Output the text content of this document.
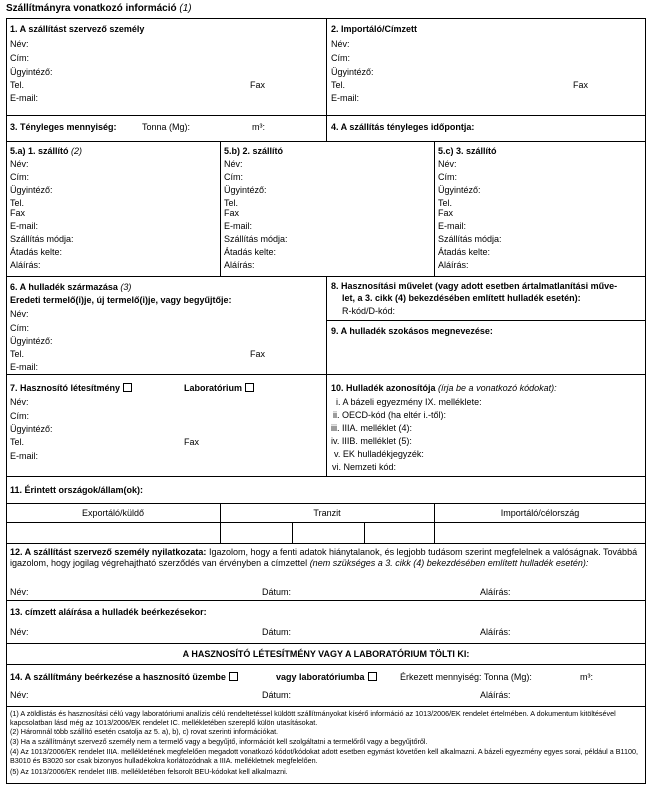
Szállítmányra vonatkozó információ (1)
1. A szállítást szervező személy
Név:
Cím:
Ügyintéző:
Tel.	Fax
E-mail:
2. Importáló/Címzett
Név:
Cím:
Ügyintéző:
Tel.	Fax
E-mail:
3. Tényleges mennyiség:	Tonna (Mg):	m³:	4. A szállítás tényleges időpontja:
5.a) 1. szállító (2)
Név:
Cím:
Ügyintéző:
Tel.
Fax
E-mail:
Szállítás módja:
Átadás kelte:
Aláírás:
5.b) 2. szállító
Név:
Cím:
Ügyintéző:
Tel.
Fax
E-mail:
Szállítás módja:
Átadás kelte:
Aláírás:
5.c) 3. szállító
Név:
Cím:
Ügyintéző:
Tel.
Fax
E-mail:
Szállítás módja:
Átadás kelte:
Aláírás:
6. A hulladék származása (3)
Eredeti termelő(i)je, új termelő(i)je, vagy begyűjtője:
Név:
Cím:
Ügyintéző:
Tel.	Fax
E-mail:
8. Hasznosítási művelet (vagy adott esetben ártalmatlanítási műve-
let, a 3. cikk (4) bekezdésében említett hulladék esetén):
R-kód/D-kód:
9. A hulladék szokásos megnevezése:
7. Hasznosító létesítmény	Laboratórium
Név:
Cím:
Ügyintéző:
Tel.	Fax
E-mail:
10. Hulladék azonosítója (írja be a vonatkozó kódokat):
i. A bázeli egyezmény IX. melléklete:
ii. OECD-kód (ha eltér i.-től):
iii. IIIA. melléklet (4):
iv. IIIB. melléklet (5):
v. EK hulladékjegyzék:
vi. Nemzeti kód:
11. Érintett országok/állam(ok):
Exportáló/küldő	Tranzit	Importáló/célország
12. A szállítást szervező személy nyilatkozata: Igazolom, hogy a fenti adatok hiánytalanok, és legjobb tudásom szerint megfelelnek a valóságnak. Továbbá igazolom, hogy jogilag végrehajtható szerződés van érvényben a címzettel (nem szükséges a 3. cikk (4) bekezdésében említett hulladék esetén):
Név:	Dátum:	Aláírás:
13. címzett aláírása a hulladék beérkezésekor:
Név:	Dátum:	Aláírás:
A HASZNOSÍTÓ LÉTESÍTMÉNY VAGY A LABORATÓRIUM TÖLTI KI:
14. A szállítmány beérkezése a hasznosító üzembe	vagy laboratóriumba	Érkezett mennyiség: Tonna (Mg):	m³:
Név:	Dátum:	Aláírás:
(1) A zöldlistás és hasznosítási célú vagy laboratóriumi analízis célú rendeltetéssel küldött szállítmányokat kísérő információ az 1013/2006/EK rendelet értelmében. A dokumentum kitöltésével kapcsolatban lásd még az 1013/2006/EK rendelet IC. mellékletében szereplő külön utasításokat.
(2) Háromnál több szállító esetén csatolja az 5. a), b), c) rovat szerinti információkat.
(3) Ha a szállítmányt szervező személy nem a termelő vagy a begyűjtő, információt kell szolgáltatni a termelőről vagy a begyűjtőről.
(4) Az 1013/2006/EK rendelet IIIA. mellékletének megfelelően megadott vonatkozó kódot/kódokat adott esetben egymást követően kell alkalmazni. A bázeli egyezmény egyes sorai, például a B1100, B3010 és B3020 sor csak bizonyos hulladékokra korlátozódnak a IIIA. mellékletnek megfelelően.
(5) Az 1013/2006/EK rendelet IIIB. mellékletében felsorolt BEU-kódokat kell alkalmazni.
